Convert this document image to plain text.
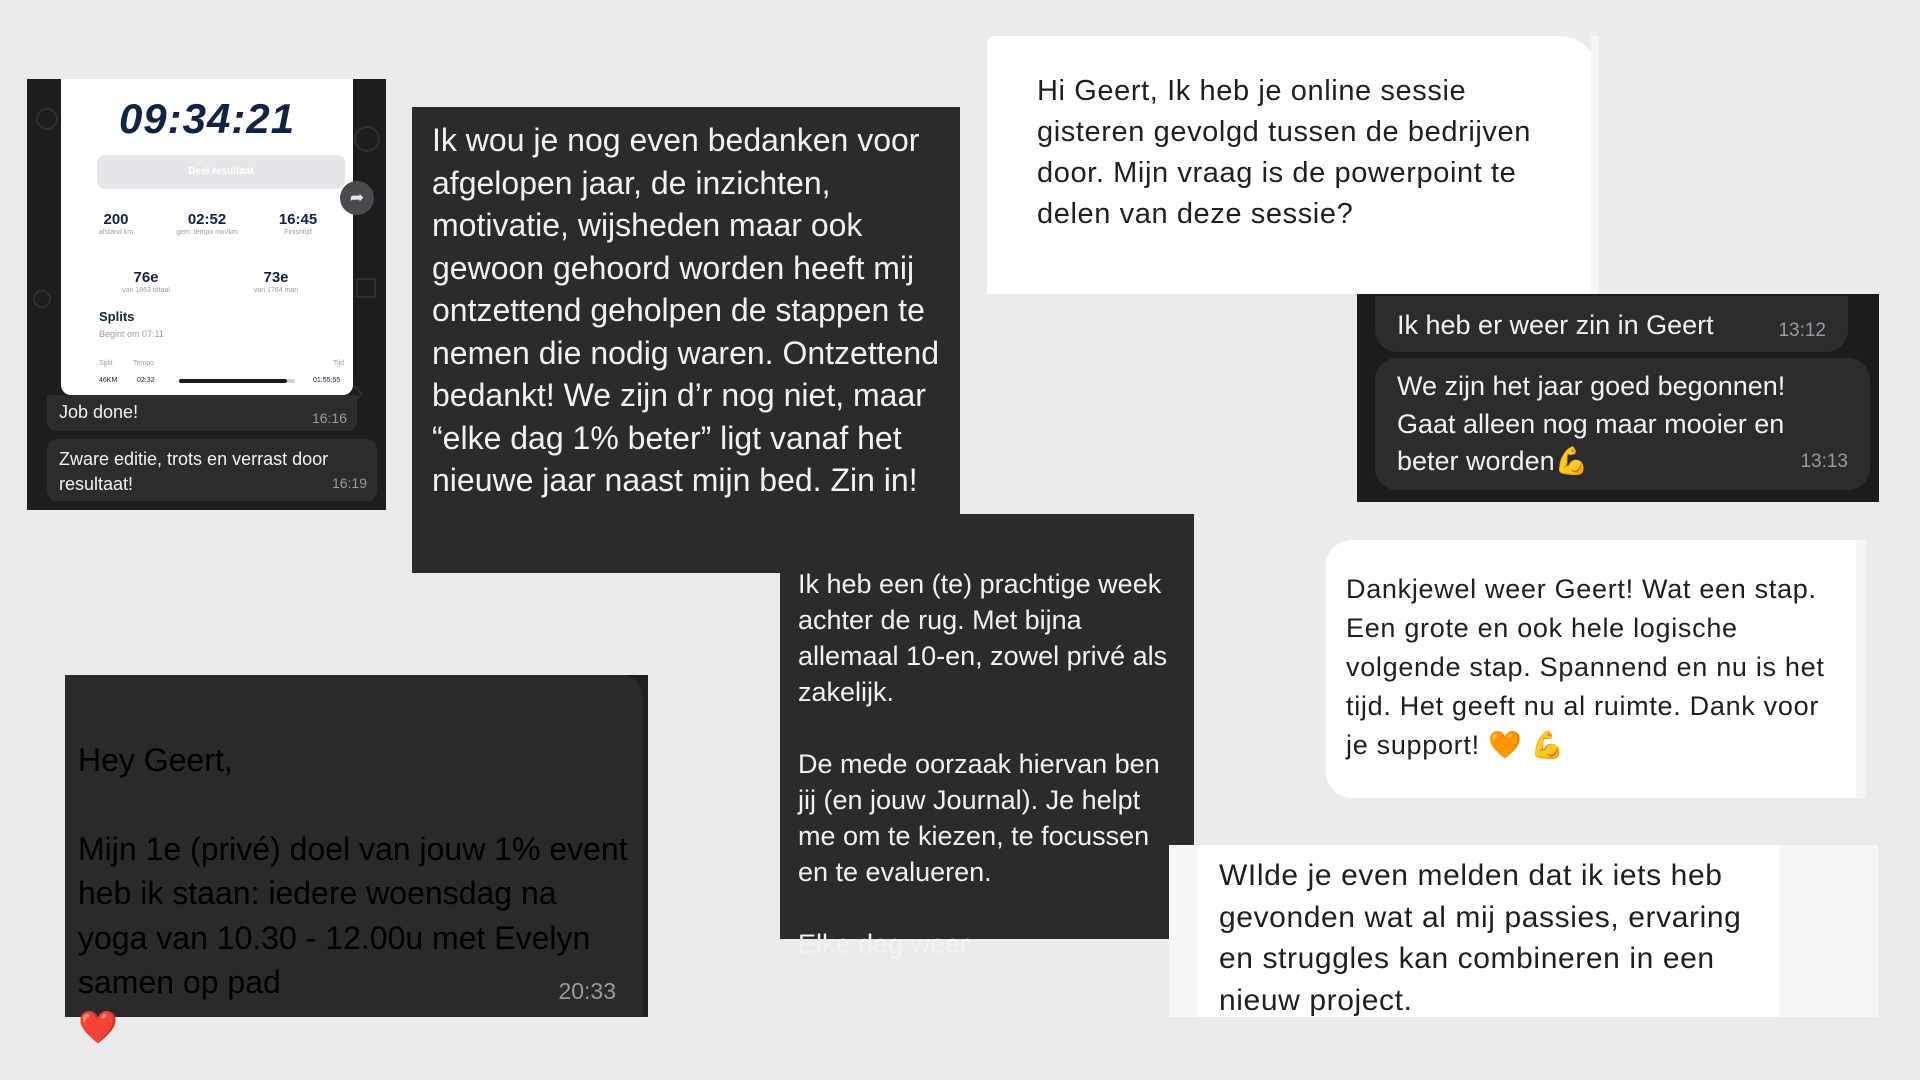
09:34:21
Deel resultaat
200
afstand km
02:52
gem. tempo min/km
16:45
Finishtijd
76e
van 1863 totaal
73e
van 1764 man
Splits
Begint om 07:11
Split	Tempo	Tijd
46KM	02:32	01:55:55
➦
Job done!	16:16
Zware editie, trots en verrast door resultaat!	16:19
Ik wou je nog even bedanken voor afgelopen jaar, de inzichten, motivatie, wijsheden maar ook gewoon gehoord worden heeft mij ontzettend geholpen de stappen te nemen die nodig waren. Ontzettend bedankt! We zijn d’r nog niet, maar “elke dag 1% beter” ligt vanaf het nieuwe jaar naast mijn bed. Zin in!

Ik heb een (te) prachtige week achter de rug. Met bijna allemaal 10-en, zowel privé als zakelijk.

De mede oorzaak hiervan ben jij (en jouw Journal). Je helpt me om te kiezen, te focussen en te evalueren.

Elke dag weer.

Hey Geert,

Mijn 1e (privé) doel van jouw 1% event heb ik staan: iedere woensdag na yoga van 10.30 - 12.00u met Evelyn samen op pad
❤️

20:33
Hi Geert, Ik heb je online sessie gisteren gevolgd tussen de bedrijven door. Mijn vraag is de powerpoint te delen van deze sessie?
Ik heb er weer zin in Geert	13:12
We zijn het jaar goed begonnen! Gaat alleen nog maar mooier en beter worden💪	13:13
Dankjewel weer Geert! Wat een stap. Een grote en ook hele logische volgende stap. Spannend en nu is het tijd. Het geeft nu al ruimte. Dank voor je support! 🧡 💪
WIlde je even melden dat ik iets heb gevonden wat al mij passies, ervaring en struggles kan combineren in een nieuw project.
